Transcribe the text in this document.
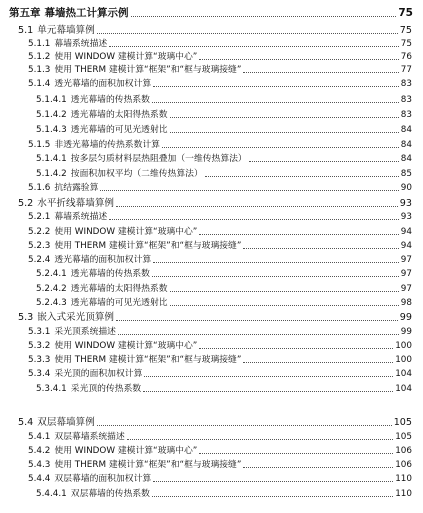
第五章 幕墙热工计算示例	75
5.1 单元幕墙算例	75
5.1.1 幕墙系统描述	75
5.1.2 使用 WINDOW 建模计算“玻璃中心”	76
5.1.3 使用 THERM 建模计算“框架”和“框与玻璃接缝”	77
5.1.4 透光幕墙的面积加权计算	83
5.1.4.1 透光幕墙的传热系数	83
5.1.4.2 透光幕墙的太阳得热系数	83
5.1.4.3 透光幕墙的可见光透射比	84
5.1.5 非透光幕墙的传热系数计算	84
5.1.4.1 按多层匀质材料层热阻叠加（一维传热算法）	84
5.1.4.2 按面积加权平均（二维传热算法）	85
5.1.6 抗结露验算	90
5.2 水平折线幕墙算例	93
5.2.1 幕墙系统描述	93
5.2.2 使用 WINDOW 建模计算“玻璃中心”	94
5.2.3 使用 THERM 建模计算“框架”和“框与玻璃接缝”	94
5.2.4 透光幕墙的面积加权计算	97
5.2.4.1 透光幕墙的传热系数	97
5.2.4.2 透光幕墙的太阳得热系数	97
5.2.4.3 透光幕墙的可见光透射比	98
5.3 嵌入式采光顶算例	99
5.3.1 采光顶系统描述	99
5.3.2 使用 WINDOW 建模计算“玻璃中心”	100
5.3.3 使用 THERM 建模计算“框架”和“框与玻璃接缝”	100
5.3.4 采光顶的面积加权计算	104
5.3.4.1 采光顶的传热系数	104
5.4 双层幕墙算例	105
5.4.1 双层幕墙系统描述	105
5.4.2 使用 WINDOW 建模计算“玻璃中心”	106
5.4.3 使用 THERM 建模计算“框架”和“框与玻璃接缝”	106
5.4.4 双层幕墙的面积加权计算	110
5.4.4.1 双层幕墙的传热系数	110
